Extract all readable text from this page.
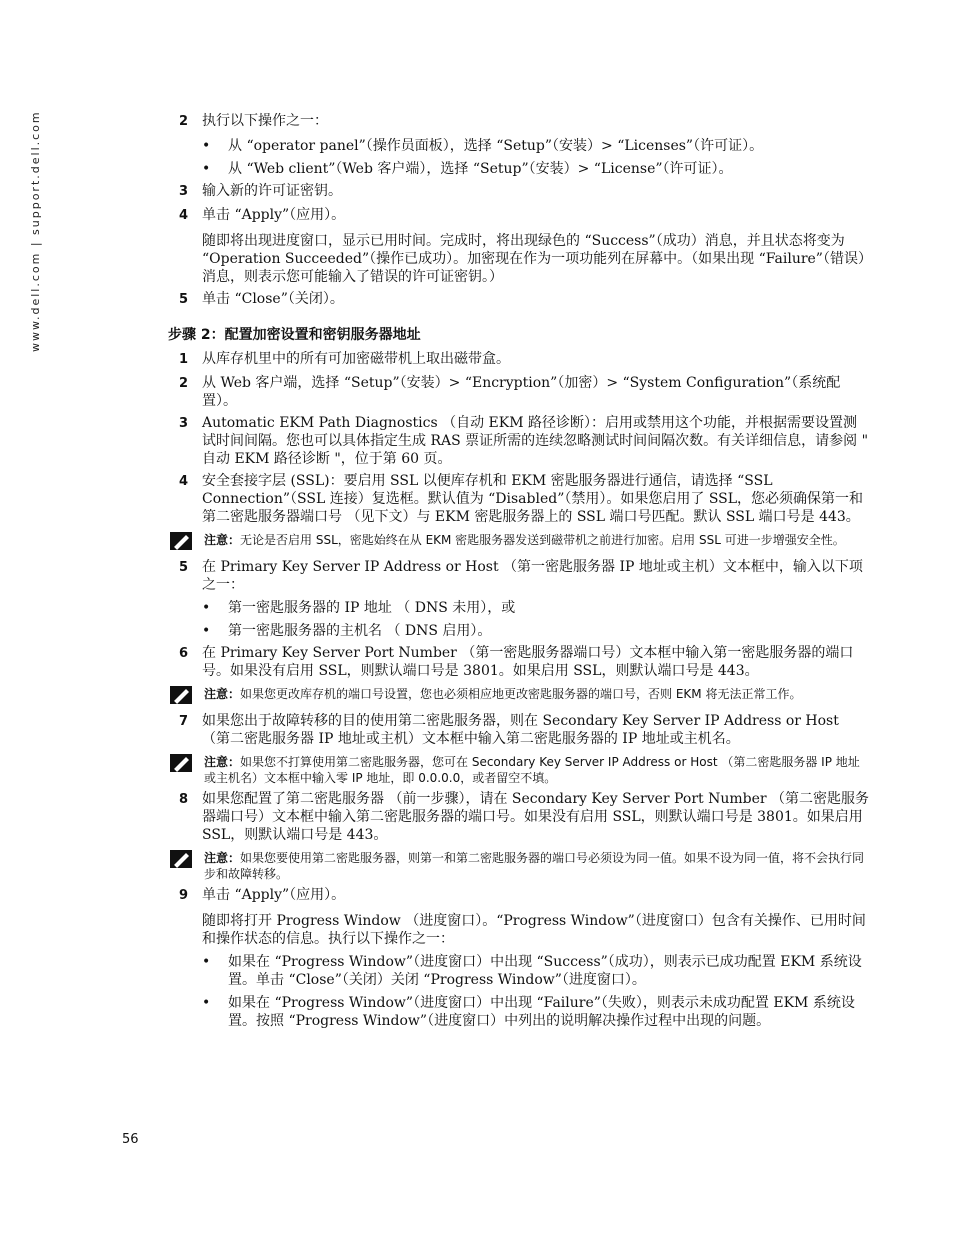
www.dell.com | support.dell.com	2 执行以下操作之一：
•	从 “operator panel”（操作员面板），选择 “Setup”（安装）> “Licenses”（许可证）。
•	从 “Web client”（Web 客户端），选择 “Setup”（安装）> “License”（许可证）。
3 输入新的许可证密钥。
4 单击 “Apply”（应用）。
随即将出现进度窗口，显示已用时间。完成时，将出现绿色的 “Success”（成功）消息，并且状态将变为 “Operation Succeeded”（操作已成功）。加密现在作为一项功能列在屏幕中。（如果出现 “Failure”（错误）消息，则表示您可能输入了错误的许可证密钥。）
5 单击 “Close”（关闭）。
步骤 2：配置加密设置和密钥服务器地址
1 从库存机里中的所有可加密磁带机上取出磁带盒。
2 从 Web 客户端，选择 “Setup”（安装）> “Encryption”（加密）> “System Configuration”（系统配置）。
3 Automatic EKM Path Diagnostics （自动 EKM 路径诊断）：启用或禁用这个功能，并根据需要设置测试时间间隔。您也可以具体指定生成 RAS 票证所需的连续忽略测试时间间隔次数。有关详细信息，请参阅 " 自动 EKM 路径诊断 "，位于第 60 页。
4 安全套接字层 (SSL)：要启用 SSL 以便库存机和 EKM 密匙服务器进行通信，请选择 “SSL Connection”（SSL 连接）复选框。默认值为 “Disabled”（禁用）。如果您启用了 SSL，您必须确保第一和第二密匙服务器端口号 （见下文）与 EKM 密匙服务器上的 SSL 端口号匹配。默认 SSL 端口号是 443。
注意：无论是否启用 SSL，密匙始终在从 EKM 密匙服务器发送到磁带机之前进行加密。启用 SSL 可进一步增强安全性。
5 在 Primary Key Server IP Address or Host （第一密匙服务器 IP 地址或主机）文本框中，输入以下项之一：
•	第一密匙服务器的 IP 地址 （ DNS 未用），或
•	第一密匙服务器的主机名 （ DNS 启用）。
6 在 Primary Key Server Port Number （第一密匙服务器端口号）文本框中输入第一密匙服务器的端口号。如果没有启用 SSL，则默认端口号是 3801。如果启用 SSL，则默认端口号是 443。
注意：如果您更改库存机的端口号设置，您也必须相应地更改密匙服务器的端口号，否则 EKM 将无法正常工作。
7 如果您出于故障转移的目的使用第二密匙服务器，则在 Secondary Key Server IP Address or Host （第二密匙服务器 IP 地址或主机）文本框中输入第二密匙服务器的 IP 地址或主机名。
注意：如果您不打算使用第二密匙服务器，您可在 Secondary Key Server IP Address or Host （第二密匙服务器 IP 地址或主机名）文本框中输入零 IP 地址，即 0.0.0.0，或者留空不填。
8 如果您配置了第二密匙服务器 （前一步骤），请在 Secondary Key Server Port Number （第二密匙服务器端口号）文本框中输入第二密匙服务器的端口号。如果没有启用 SSL，则默认端口号是 3801。如果启用 SSL，则默认端口号是 443。
注意：如果您要使用第二密匙服务器，则第一和第二密匙服务器的端口号必须设为同一值。如果不设为同一值，将不会执行同步和故障转移。
9 单击 “Apply”（应用）。
随即将打开 Progress Window （进度窗口）。“Progress Window”（进度窗口）包含有关操作、已用时间和操作状态的信息。执行以下操作之一：
•	如果在 “Progress Window”（进度窗口）中出现 “Success”（成功），则表示已成功配置 EKM 系统设置。单击 “Close”（关闭）关闭 “Progress Window”（进度窗口）。
•	如果在 “Progress Window”（进度窗口）中出现 “Failure”（失败），则表示未成功配置 EKM 系统设置。按照 “Progress Window”（进度窗口）中列出的说明解决操作过程中出现的问题。
56
